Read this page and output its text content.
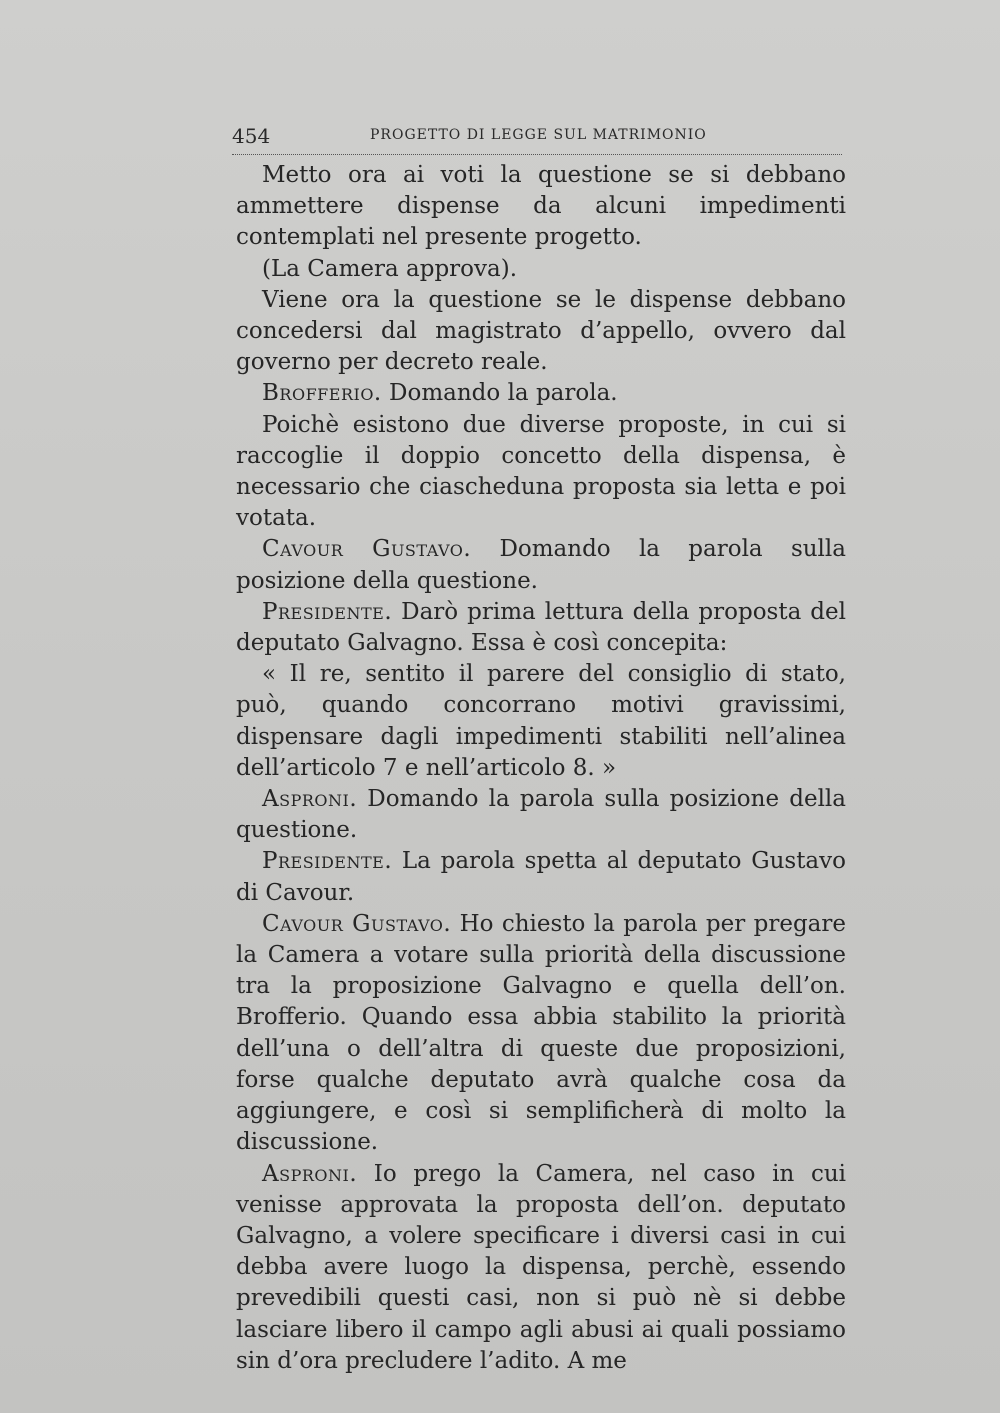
454	PROGETTO DI LEGGE SUL MATRIMONIO

Metto ora ai voti la questione se si debbano ammettere dispense da alcuni impedimenti contemplati nel presente progetto.

(La Camera approva).

Viene ora la questione se le dispense debbano concedersi dal magistrato d’appello, ovvero dal governo per decreto reale.

Brofferio. Domando la parola.

Poichè esistono due diverse proposte, in cui si raccoglie il doppio concetto della dispensa, è necessario che ciascheduna proposta sia letta e poi votata.

Cavour Gustavo. Domando la parola sulla posizione della questione.

Presidente. Darò prima lettura della proposta del deputato Galvagno. Essa è così concepita:

« Il re, sentito il parere del consiglio di stato, può, quando concorrano motivi gravissimi, dispensare dagli impedimenti stabiliti nell’alinea dell’articolo 7 e nell’articolo 8. »

Asproni. Domando la parola sulla posizione della questione.

Presidente. La parola spetta al deputato Gustavo di Cavour.

Cavour Gustavo. Ho chiesto la parola per pregare la Camera a votare sulla priorità della discussione tra la proposizione Galvagno e quella dell’on. Brofferio. Quando essa abbia stabilito la priorità dell’una o dell’altra di queste due proposizioni, forse qualche deputato avrà qualche cosa da aggiungere, e così si semplificherà di molto la discussione.

Asproni. Io prego la Camera, nel caso in cui venisse approvata la proposta dell’on. deputato Galvagno, a volere specificare i diversi casi in cui debba avere luogo la dispensa, perchè, essendo prevedibili questi casi, non si può nè si debbe lasciare libero il campo agli abusi ai quali possiamo sin d’ora precludere l’adito. A me
